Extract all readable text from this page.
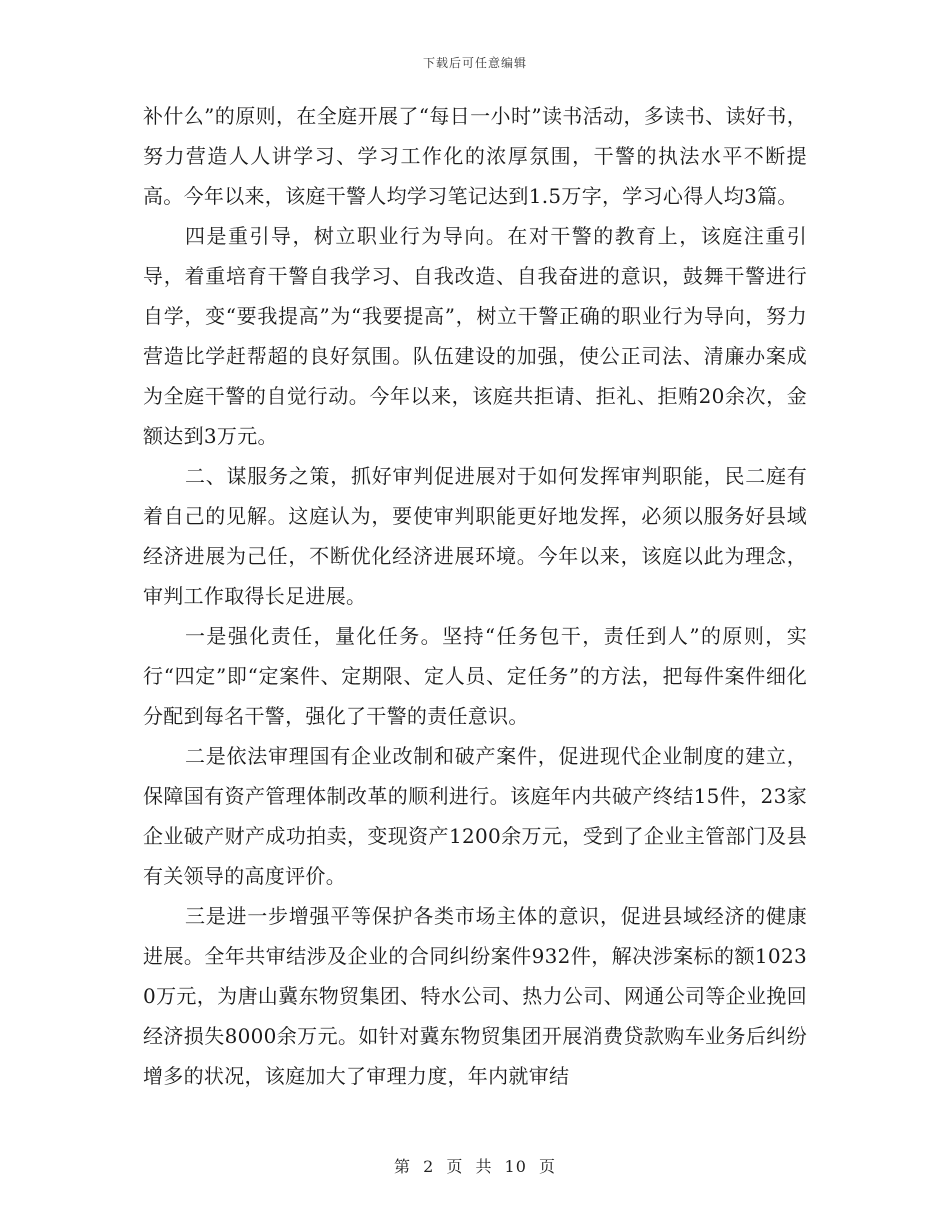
下载后可任意编辑

补什么”的原则，在全庭开展了“每日一小时”读书活动，多读书、读好书，努力营造人人讲学习、学习工作化的浓厚氛围，干警的执法水平不断提高。今年以来，该庭干警人均学习笔记达到1.5万字，学习心得人均3篇。

四是重引导，树立职业行为导向。在对干警的教育上，该庭注重引导，着重培育干警自我学习、自我改造、自我奋进的意识，鼓舞干警进行自学，变“要我提高”为“我要提高”，树立干警正确的职业行为导向，努力营造比学赶帮超的良好氛围。队伍建设的加强，使公正司法、清廉办案成为全庭干警的自觉行动。今年以来，该庭共拒请、拒礼、拒贿20余次，金额达到3万元。

二、谋服务之策，抓好审判促进展对于如何发挥审判职能，民二庭有着自己的见解。这庭认为，要使审判职能更好地发挥，必须以服务好县域经济进展为己任，不断优化经济进展环境。今年以来，该庭以此为理念，审判工作取得长足进展。

一是强化责任，量化任务。坚持“任务包干，责任到人”的原则，实行“四定”即“定案件、定期限、定人员、定任务”的方法，把每件案件细化分配到每名干警，强化了干警的责任意识。

二是依法审理国有企业改制和破产案件，促进现代企业制度的建立，保障国有资产管理体制改革的顺利进行。该庭年内共破产终结15件，23家企业破产财产成功拍卖，变现资产1200余万元，受到了企业主管部门及县有关领导的高度评价。

三是进一步增强平等保护各类市场主体的意识，促进县域经济的健康进展。全年共审结涉及企业的合同纠纷案件932件，解决涉案标的额10230万元，为唐山冀东物贸集团、特水公司、热力公司、网通公司等企业挽回经济损失8000余万元。如针对冀东物贸集团开展消费贷款购车业务后纠纷增多的状况，该庭加大了审理力度，年内就审结

第 2 页 共 10 页
